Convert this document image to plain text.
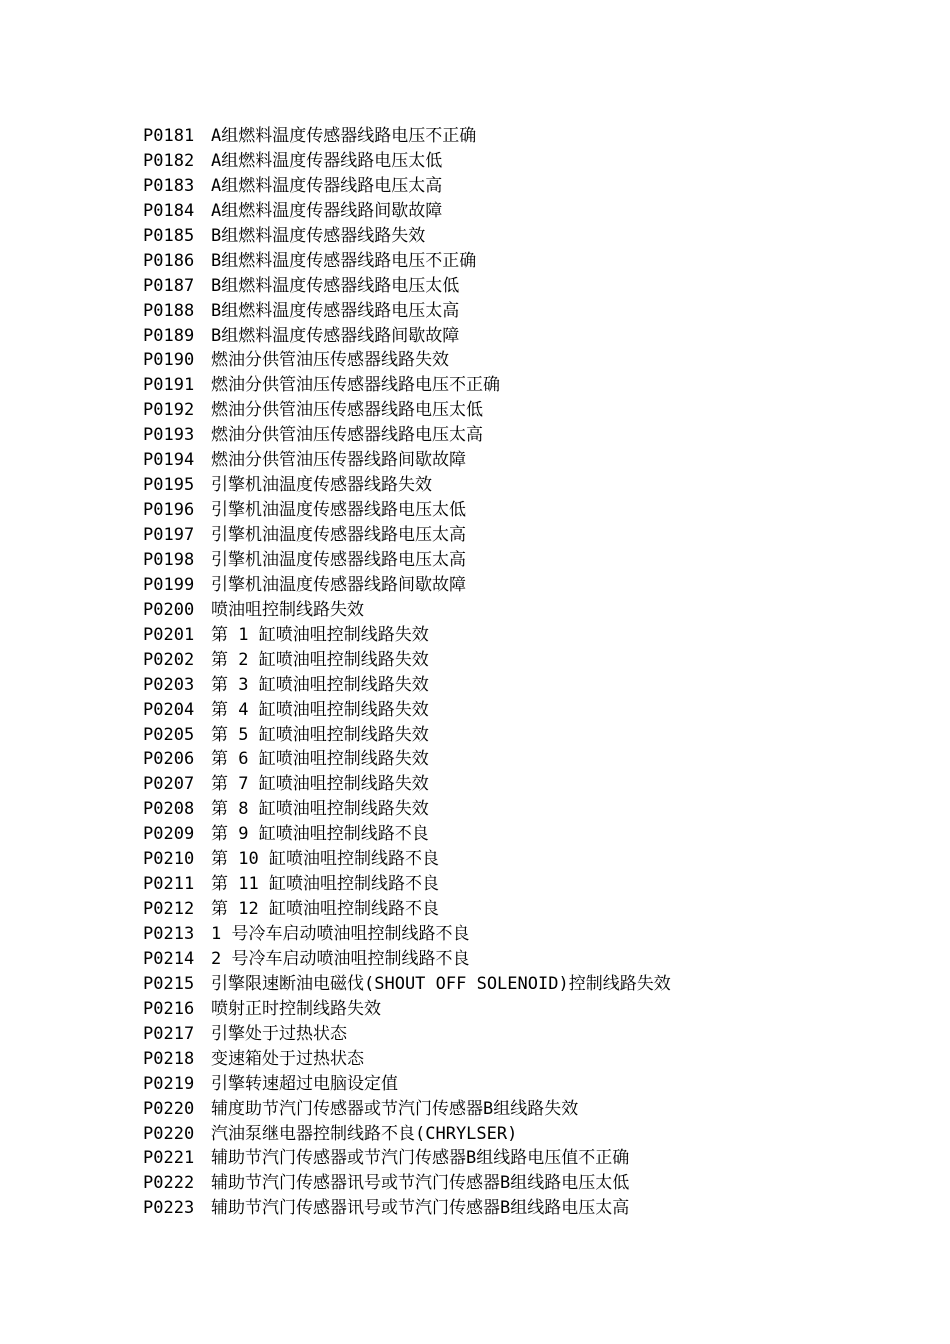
P0181 A组燃料温度传感器线路电压不正确
P0182 A组燃料温度传器线路电压太低
P0183 A组燃料温度传器线路电压太高
P0184 A组燃料温度传器线路间歇故障
P0185 B组燃料温度传感器线路失效
P0186 B组燃料温度传感器线路电压不正确
P0187 B组燃料温度传感器线路电压太低
P0188 B组燃料温度传感器线路电压太高
P0189 B组燃料温度传感器线路间歇故障
P0190 燃油分供管油压传感器线路失效
P0191 燃油分供管油压传感器线路电压不正确
P0192 燃油分供管油压传感器线路电压太低
P0193 燃油分供管油压传感器线路电压太高
P0194 燃油分供管油压传器线路间歇故障
P0195 引擎机油温度传感器线路失效
P0196 引擎机油温度传感器线路电压太低
P0197 引擎机油温度传感器线路电压太高
P0198 引擎机油温度传感器线路电压太高
P0199 引擎机油温度传感器线路间歇故障
P0200 喷油咀控制线路失效
P0201 第 1 缸喷油咀控制线路失效
P0202 第 2 缸喷油咀控制线路失效
P0203 第 3 缸喷油咀控制线路失效
P0204 第 4 缸喷油咀控制线路失效
P0205 第 5 缸喷油咀控制线路失效
P0206 第 6 缸喷油咀控制线路失效
P0207 第 7 缸喷油咀控制线路失效
P0208 第 8 缸喷油咀控制线路失效
P0209 第 9 缸喷油咀控制线路不良
P0210 第 10 缸喷油咀控制线路不良
P0211 第 11 缸喷油咀控制线路不良
P0212 第 12 缸喷油咀控制线路不良
P0213 1 号冷车启动喷油咀控制线路不良
P0214 2 号冷车启动喷油咀控制线路不良
P0215 引擎限速断油电磁伐(SHOUT OFF SOLENOID)控制线路失效
P0216 喷射正时控制线路失效
P0217 引擎处于过热状态
P0218 变速箱处于过热状态
P0219 引擎转速超过电脑设定值
P0220 辅度助节汽门传感器或节汽门传感器B组线路失效
P0220 汽油泵继电器控制线路不良(CHRYLSER)
P0221 辅助节汽门传感器或节汽门传感器B组线路电压值不正确
P0222 辅助节汽门传感器讯号或节汽门传感器B组线路电压太低
P0223 辅助节汽门传感器讯号或节汽门传感器B组线路电压太高
